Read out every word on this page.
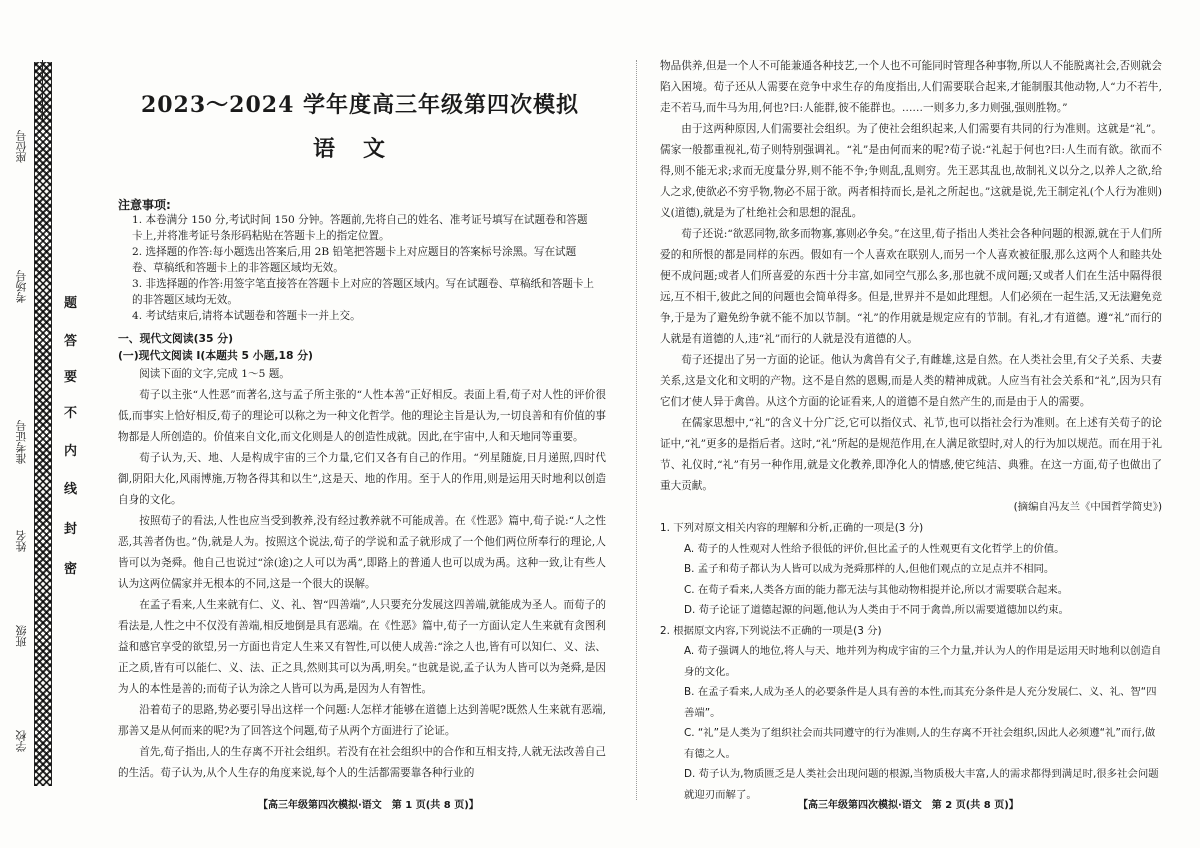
座位号
考场号
准考证号
姓名
班级
学校
题
答
要
不
内
线
封
密
2023～2024 学年度高三年级第四次模拟
语文
注意事项:
1. 本卷满分 150 分,考试时间 150 分钟。答题前,先将自己的姓名、准考证号填写在试题卷和答题卡上,并将准考证号条形码粘贴在答题卡上的指定位置。
2. 选择题的作答:每小题选出答案后,用 2B 铅笔把答题卡上对应题目的答案标号涂黑。写在试题卷、草稿纸和答题卡上的非答题区域均无效。
3. 非选择题的作答:用签字笔直接答在答题卡上对应的答题区域内。写在试题卷、草稿纸和答题卡上的非答题区域均无效。
4. 考试结束后,请将本试题卷和答题卡一并上交。
一、现代文阅读(35 分)
(一)现代文阅读 I(本题共 5 小题,18 分)
阅读下面的文字,完成 1～5 题。
荀子以主张“人性恶”而著名,这与孟子所主张的“人性本善”正好相反。表面上看,荀子对人性的评价很低,而事实上恰好相反,荀子的理论可以称之为一种文化哲学。他的理论主旨是认为,一切良善和有价值的事物都是人所创造的。价值来自文化,而文化则是人的创造性成就。因此,在宇宙中,人和天地同等重要。
荀子认为,天、地、人是构成宇宙的三个力量,它们又各有自己的作用。“列星随旋,日月递照,四时代御,阴阳大化,风雨博施,万物各得其和以生”,这是天、地的作用。至于人的作用,则是运用天时地利以创造自身的文化。
按照荀子的看法,人性也应当受到教养,没有经过教养就不可能成善。在《性恶》篇中,荀子说:“人之性恶,其善者伪也。”伪,就是人为。按照这个说法,荀子的学说和孟子就形成了一个他们两位所奉行的理论,人皆可以为尧舜。他自己也说过“涂(途)之人可以为禹”,即路上的普通人也可以成为禹。这种一致,让有些人认为这两位儒家并无根本的不同,这是一个很大的误解。
在孟子看来,人生来就有仁、义、礼、智“四善端”,人只要充分发展这四善端,就能成为圣人。而荀子的看法是,人性之中不仅没有善端,相反地倒是具有恶端。在《性恶》篇中,荀子一方面认定人生来就有贪图利益和感官享受的欲望,另一方面也肯定人生来又有智性,可以使人成善:“涂之人也,皆有可以知仁、义、法、正之质,皆有可以能仁、义、法、正之具,然则其可以为禹,明矣。”也就是说,孟子认为人皆可以为尧舜,是因为人的本性是善的;而荀子认为涂之人皆可以为禹,是因为人有智性。
沿着荀子的思路,势必要引导出这样一个问题:人怎样才能够在道德上达到善呢?既然人生来就有恶端,那善又是从何而来的呢?为了回答这个问题,荀子从两个方面进行了论证。
首先,荀子指出,人的生存离不开社会组织。若没有在社会组织中的合作和互相支持,人就无法改善自己的生活。荀子认为,从个人生存的角度来说,每个人的生活都需要靠各种行业的
【高三年级第四次模拟·语文　第 1 页(共 8 页)】
物品供养,但是一个人不可能兼通各种技艺,一个人也不可能同时管理各种事物,所以人不能脱离社会,否则就会陷入困境。荀子还从人需要在竞争中求生存的角度指出,人们需要联合起来,才能制服其他动物,人“力不若牛,走不若马,而牛马为用,何也?曰:人能群,彼不能群也。……一则多力,多力则强,强则胜物。”
由于这两种原因,人们需要社会组织。为了使社会组织起来,人们需要有共同的行为准则。这就是“礼”。儒家一般都重视礼,荀子则特别强调礼。“礼”是由何而来的呢?荀子说:“礼起于何也?曰:人生而有欲。欲而不得,则不能无求;求而无度量分界,则不能不争;争则乱,乱则穷。先王恶其乱也,故制礼义以分之,以养人之欲,给人之求,使欲必不穷乎物,物必不屈于欲。两者相持而长,是礼之所起也。”这就是说,先王制定礼(个人行为准则)义(道德),就是为了杜绝社会和思想的混乱。
荀子还说:“欲恶同物,欲多而物寡,寡则必争矣。”在这里,荀子指出人类社会各种问题的根源,就在于人们所爱的和所恨的都是同样的东西。假如有一个人喜欢在联别人,而另一个人喜欢被征服,那么这两个人和睦共处便不成问题;或者人们所喜爱的东西十分丰富,如同空气那么多,那也就不成问题;又或者人们在生活中隔得很远,互不相干,彼此之间的问题也会简单得多。但是,世界并不是如此理想。人们必须在一起生活,又无法避免竞争,于是为了避免纷争就不能不加以节制。“礼”的作用就是规定应有的节制。有礼,才有道德。遵“礼”而行的人就是有道德的人,违“礼”而行的人就是没有道德的人。
荀子还提出了另一方面的论证。他认为禽兽有父子,有雌雄,这是自然。在人类社会里,有父子关系、夫妻关系,这是文化和文明的产物。这不是自然的恩赐,而是人类的精神成就。人应当有社会关系和“礼”,因为只有它们才使人异于禽兽。从这个方面的论证看来,人的道德不是自然产生的,而是由于人的需要。
在儒家思想中,“礼”的含义十分广泛,它可以指仪式、礼节,也可以指社会行为准则。在上述有关荀子的论证中,“礼”更多的是指后者。这时,“礼”所起的是规范作用,在人满足欲望时,对人的行为加以规范。而在用于礼节、礼仪时,“礼”有另一种作用,就是文化教养,即净化人的情感,使它纯洁、典雅。在这一方面,荀子也做出了重大贡献。
(摘编自冯友兰《中国哲学简史》)
1. 下列对原文相关内容的理解和分析,正确的一项是(3 分)
A. 荀子的人性观对人性给予很低的评价,但比孟子的人性观更有文化哲学上的价值。
B. 孟子和荀子都认为人皆可以成为尧舜那样的人,但他们观点的立足点并不相同。
C. 在荀子看来,人类各方面的能力都无法与其他动物相提并论,所以才需要联合起来。
D. 荀子论证了道德起源的问题,他认为人类由于不同于禽兽,所以需要道德加以约束。
2. 根据原文内容,下列说法不正确的一项是(3 分)
A. 荀子强调人的地位,将人与天、地并列为构成宇宙的三个力量,并认为人的作用是运用天时地利以创造自身的文化。
B. 在孟子看来,人成为圣人的必要条件是人具有善的本性,而其充分条件是人充分发展仁、义、礼、智“四善端”。
C. “礼”是人类为了组织社会而共同遵守的行为准则,人的生存离不开社会组织,因此人必须遵“礼”而行,做有德之人。
D. 荀子认为,物质匮乏是人类社会出现问题的根源,当物质极大丰富,人的需求都得到满足时,很多社会问题就迎刃而解了。
【高三年级第四次模拟·语文　第 2 页(共 8 页)】
